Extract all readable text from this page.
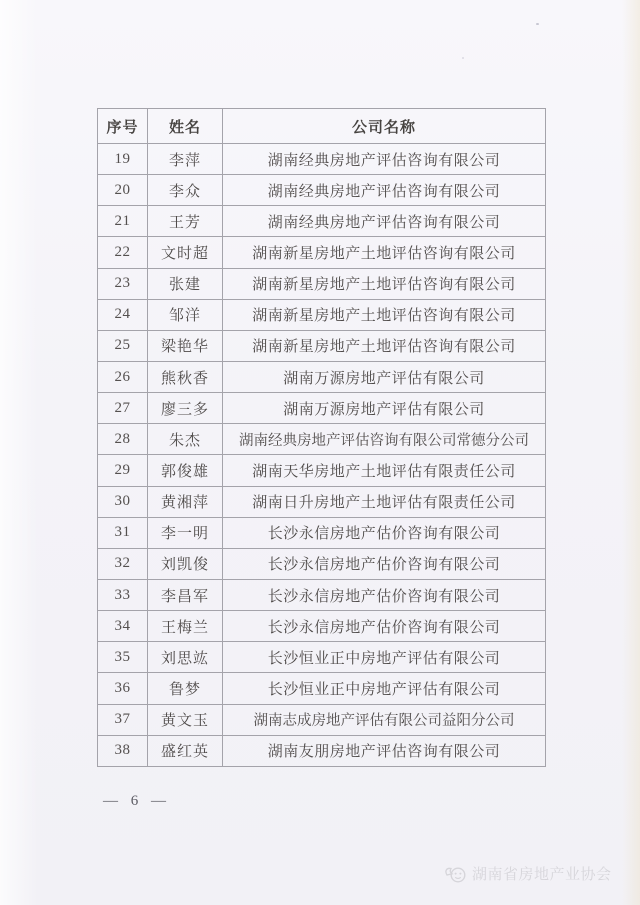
序号	姓名	公司名称
19	李萍	湖南经典房地产评估咨询有限公司
20	李众	湖南经典房地产评估咨询有限公司
21	王芳	湖南经典房地产评估咨询有限公司
22	文时超	湖南新星房地产土地评估咨询有限公司
23	张建	湖南新星房地产土地评估咨询有限公司
24	邹洋	湖南新星房地产土地评估咨询有限公司
25	梁艳华	湖南新星房地产土地评估咨询有限公司
26	熊秋香	湖南万源房地产评估有限公司
27	廖三多	湖南万源房地产评估有限公司
28	朱杰	湖南经典房地产评估咨询有限公司常德分公司
29	郭俊雄	湖南天华房地产土地评估有限责任公司
30	黄湘萍	湖南日升房地产土地评估有限责任公司
31	李一明	长沙永信房地产估价咨询有限公司
32	刘凯俊	长沙永信房地产估价咨询有限公司
33	李昌军	长沙永信房地产估价咨询有限公司
34	王梅兰	长沙永信房地产估价咨询有限公司
35	刘思竑	长沙恒业正中房地产评估有限公司
36	鲁梦	长沙恒业正中房地产评估有限公司
37	黄文玉	湖南志成房地产评估有限公司益阳分公司
38	盛红英	湖南友朋房地产评估咨询有限公司
— 6 —
湖南省房地产业协会
